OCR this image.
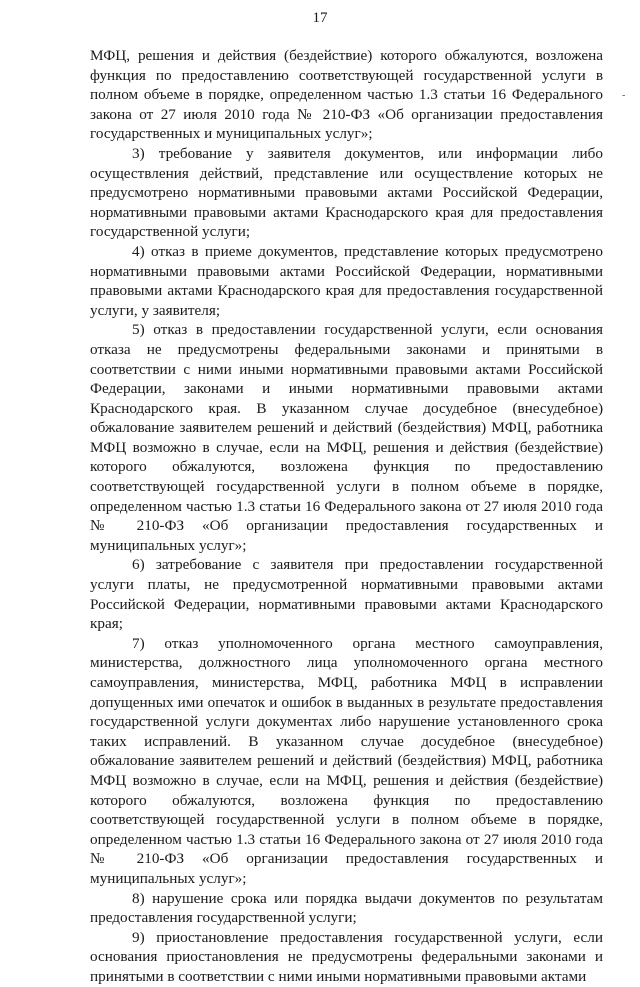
17
-

МФЦ, решения и действия (бездействие) которого обжалуются, возложена функция по предоставлению соответствующей государственной услуги в полном объеме в порядке, определенном частью 1.3 статьи 16 Федерального закона от 27 июля 2010 года № 210-ФЗ «Об организации предоставления государственных и муниципальных услуг»;

3) требование у заявителя документов, или информации либо осуществления действий, представление или осуществление которых не предусмотрено нормативными правовыми актами Российской Федерации, нормативными правовыми актами Краснодарского края для предоставления государственной услуги;

4) отказ в приеме документов, представление которых предусмотрено нормативными правовыми актами Российской Федерации, нормативными правовыми актами Краснодарского края для предоставления государственной услуги, у заявителя;

5) отказ в предоставлении государственной услуги, если основания отказа не предусмотрены федеральными законами и принятыми в соответствии с ними иными нормативными правовыми актами Российской Федерации, законами и иными нормативными правовыми актами Краснодарского края. В указанном случае досудебное (внесудебное) обжалование заявителем решений и действий (бездействия) МФЦ, работника МФЦ возможно в случае, если на МФЦ, решения и действия (бездействие) которого обжалуются, возложена функция по предоставлению соответствующей государственной услуги в полном объеме в порядке, определенном частью 1.3 статьи 16 Федерального закона от 27 июля 2010 года № 210-ФЗ «Об организации предоставления государственных и муниципальных услуг»;

6) затребование с заявителя при предоставлении государственной услуги платы, не предусмотренной нормативными правовыми актами Российской Федерации, нормативными правовыми актами Краснодарского края;

7) отказ уполномоченного органа местного самоуправления, министерства, должностного лица уполномоченного органа местного самоуправления, министерства, МФЦ, работника МФЦ в исправлении допущенных ими опечаток и ошибок в выданных в результате предоставления государственной услуги документах либо нарушение установленного срока таких исправлений. В указанном случае досудебное (внесудебное) обжалование заявителем решений и действий (бездействия) МФЦ, работника МФЦ возможно в случае, если на МФЦ, решения и действия (бездействие) которого обжалуются, возложена функция по предоставлению соответствующей государственной услуги в полном объеме в порядке, определенном частью 1.3 статьи 16 Федерального закона от 27 июля 2010 года № 210-ФЗ «Об организации предоставления государственных и муниципальных услуг»;

8) нарушение срока или порядка выдачи документов по результатам предоставления государственной услуги;

9) приостановление предоставления государственной услуги, если основания приостановления не предусмотрены федеральными законами и принятыми в соответствии с ними иными нормативными правовыми актами
